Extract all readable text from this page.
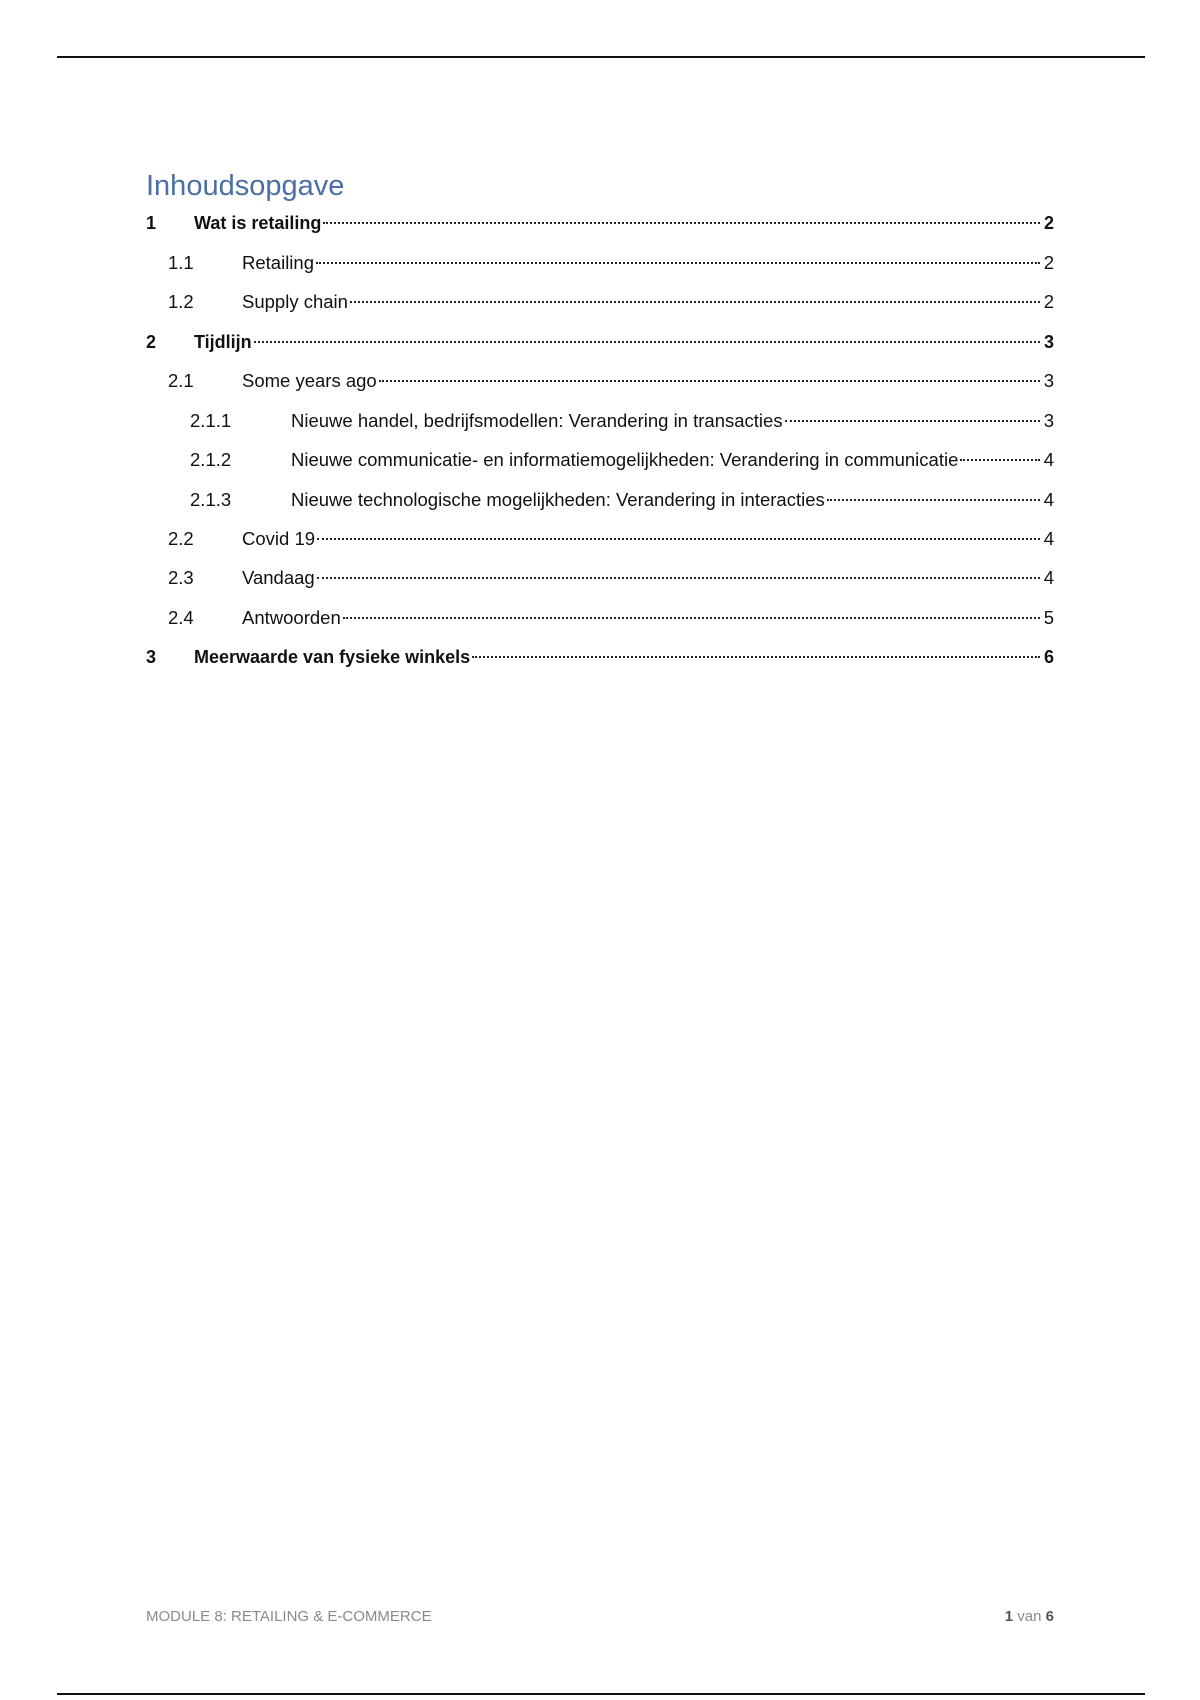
Inhoudsopgave
1	Wat is retailing	2
1.1	Retailing	2
1.2	Supply chain	2
2	Tijdlijn	3
2.1	Some years ago	3
2.1.1	Nieuwe handel, bedrijfsmodellen: Verandering in transacties	3
2.1.2	Nieuwe communicatie- en informatiemogelijkheden: Verandering in communicatie	4
2.1.3	Nieuwe technologische mogelijkheden: Verandering in interacties	4
2.2	Covid 19	4
2.3	Vandaag	4
2.4	Antwoorden	5
3	Meerwaarde van fysieke winkels	6
MODULE 8: RETAILING & E-COMMERCE	1 van 6
